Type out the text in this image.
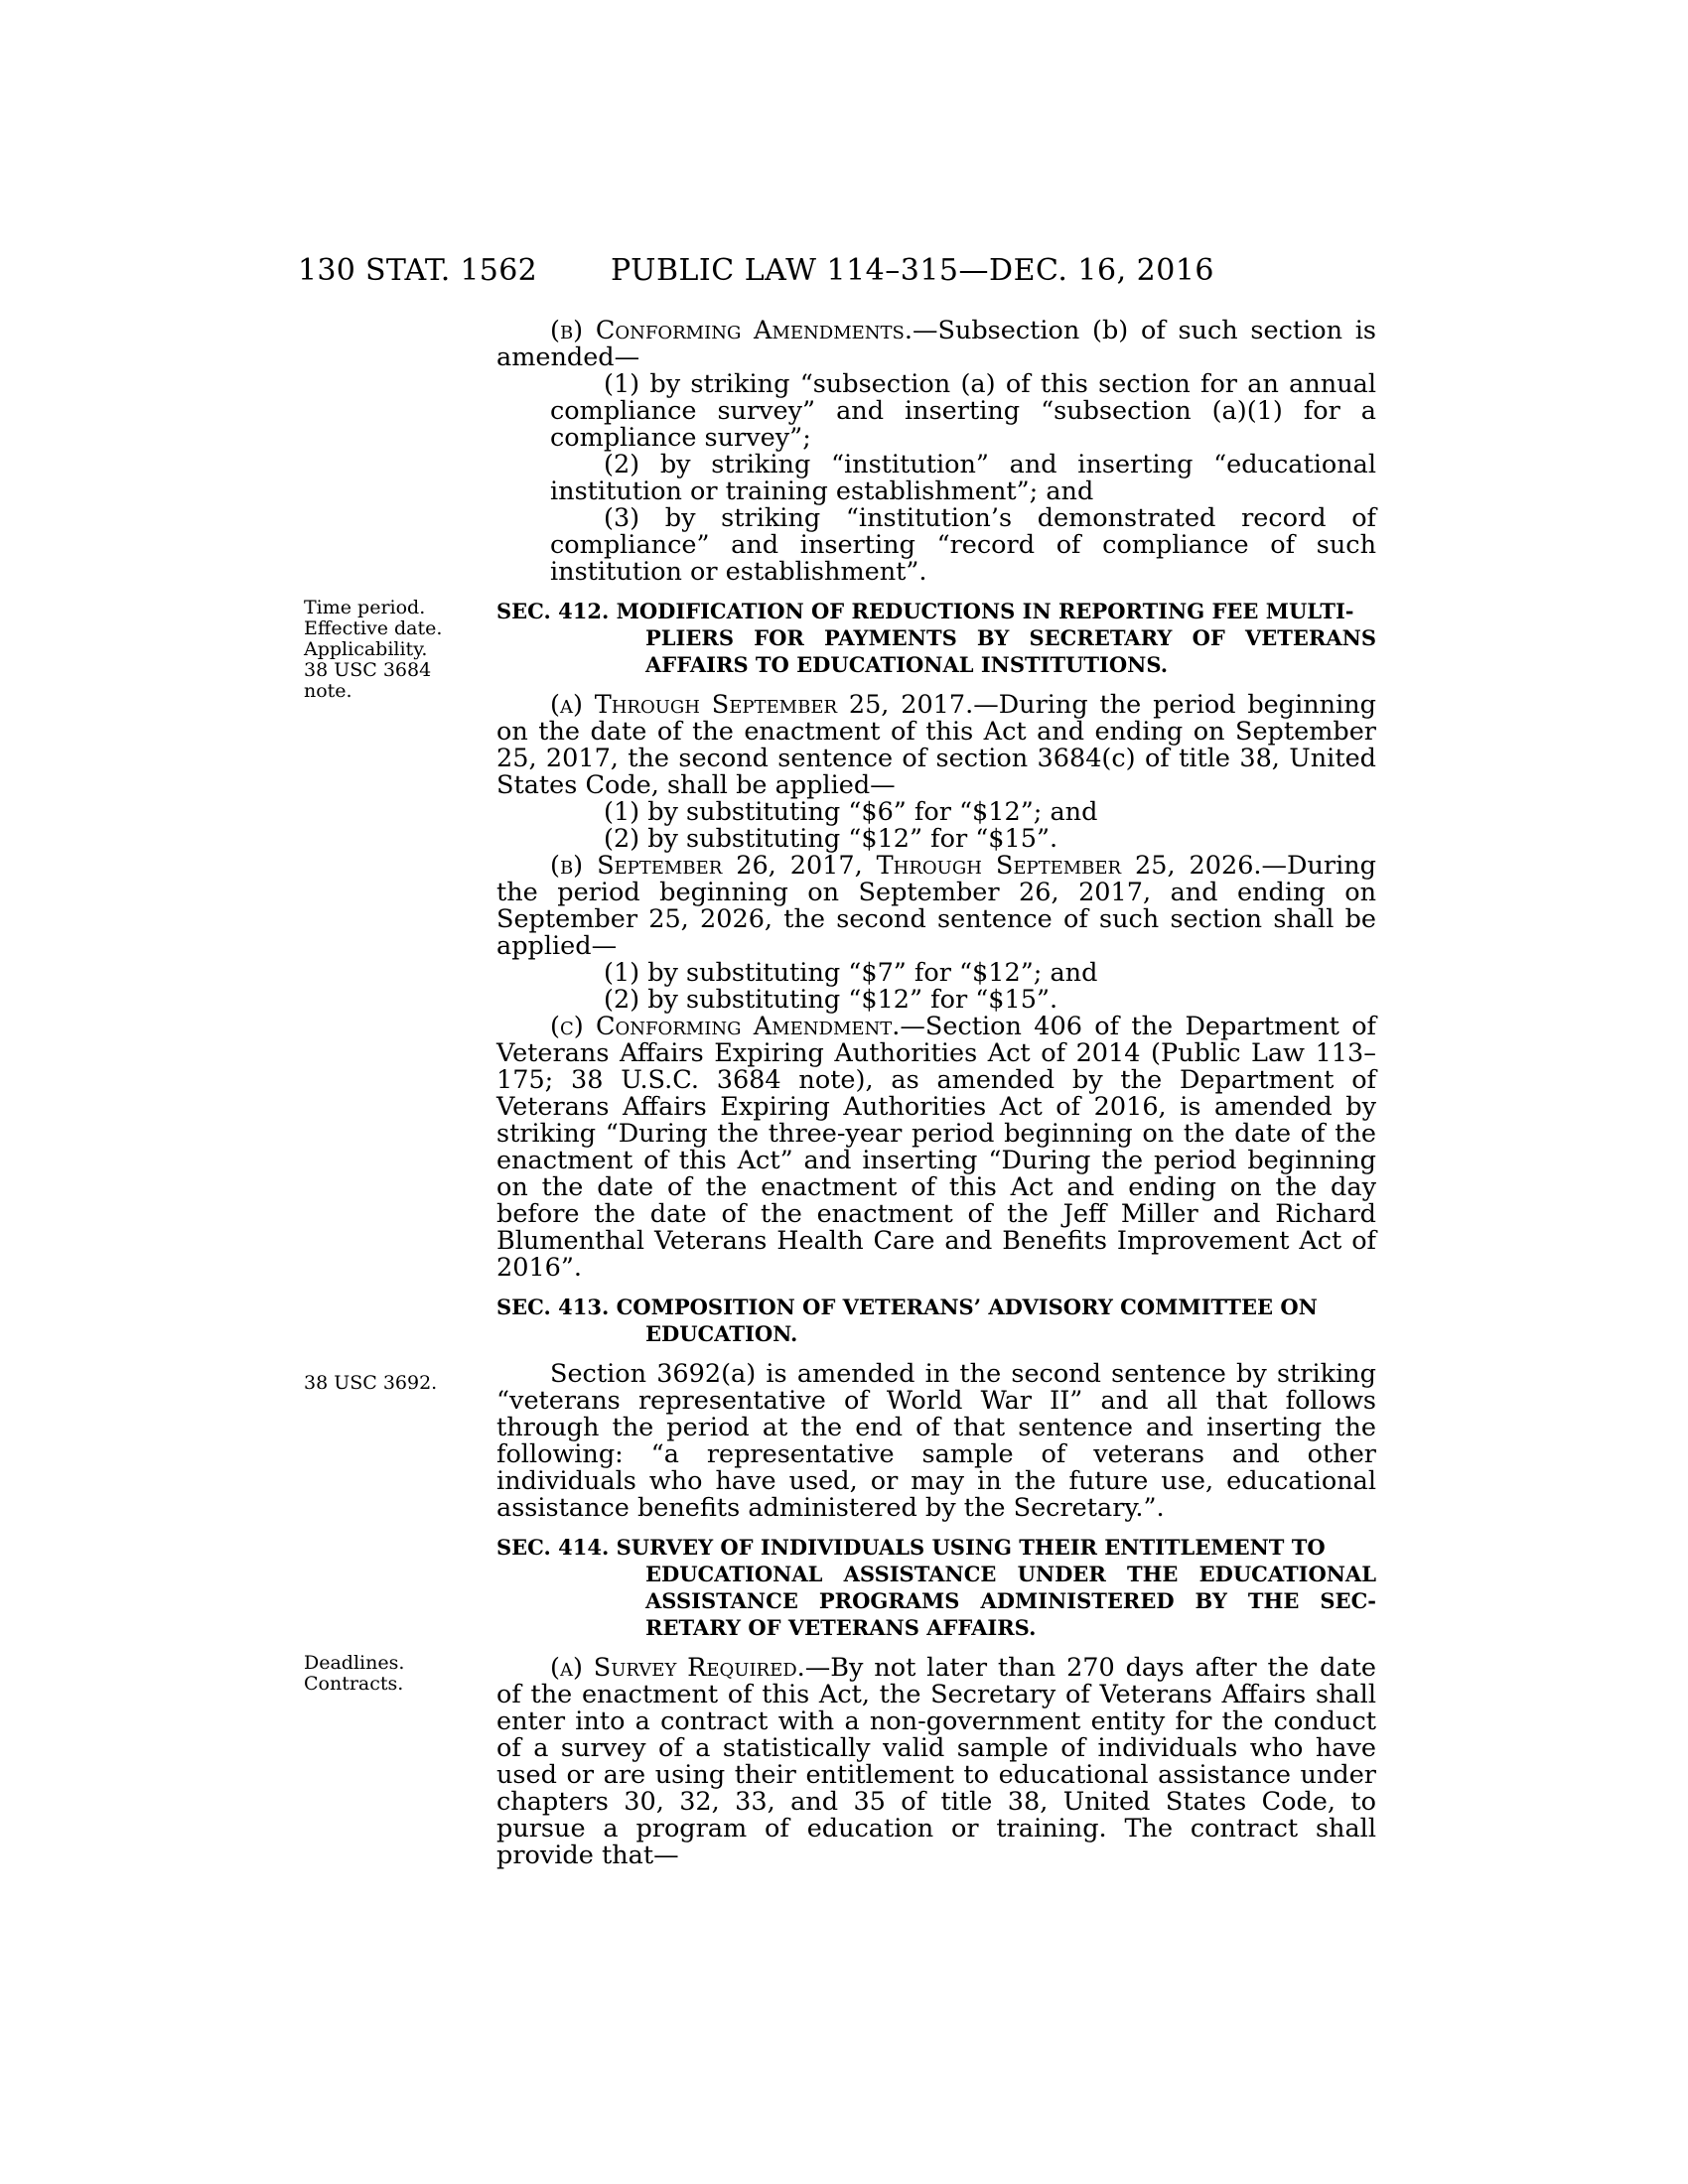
130 STAT. 1562 PUBLIC LAW 114–315—DEC. 16, 2016
Time period.
Effective date.
Applicability.
38 USC 3684
note.
38 USC 3692.
Deadlines.
Contracts.

(b) Conforming Amendments.—Subsection (b) of such section is amended—

(1) by striking “subsection (a) of this section for an annual compliance survey” and inserting “subsection (a)(1) for a compliance survey”;

(2) by striking “institution” and inserting “educational institution or training establishment”; and

(3) by striking “institution’s demonstrated record of compliance” and inserting “record of compliance of such institution or establishment”.

SEC. 412. MODIFICATION OF REDUCTIONS IN REPORTING FEE MULTI-
PLIERS FOR PAYMENTS BY SECRETARY OF VETERANS
AFFAIRS TO EDUCATIONAL INSTITUTIONS.

(a) Through September 25, 2017.—During the period beginning on the date of the enactment of this Act and ending on September 25, 2017, the second sentence of section 3684(c) of title 38, United States Code, shall be applied—

(1) by substituting “$6” for “$12”; and

(2) by substituting “$12” for “$15”.

(b) September 26, 2017, Through September 25, 2026.—During the period beginning on September 26, 2017, and ending on September 25, 2026, the second sentence of such section shall be applied—

(1) by substituting “$7” for “$12”; and

(2) by substituting “$12” for “$15”.

(c) Conforming Amendment.—Section 406 of the Department of Veterans Affairs Expiring Authorities Act of 2014 (Public Law 113–175; 38 U.S.C. 3684 note), as amended by the Department of Veterans Affairs Expiring Authorities Act of 2016, is amended by striking “During the three-year period beginning on the date of the enactment of this Act” and inserting “During the period beginning on the date of the enactment of this Act and ending on the day before the date of the enactment of the Jeff Miller and Richard Blumenthal Veterans Health Care and Benefits Improvement Act of 2016”.

SEC. 413. COMPOSITION OF VETERANS’ ADVISORY COMMITTEE ON
EDUCATION.

Section 3692(a) is amended in the second sentence by striking “veterans representative of World War II” and all that follows through the period at the end of that sentence and inserting the following: “a representative sample of veterans and other individuals who have used, or may in the future use, educational assistance benefits administered by the Secretary.”.

SEC. 414. SURVEY OF INDIVIDUALS USING THEIR ENTITLEMENT TO
EDUCATIONAL ASSISTANCE UNDER THE EDUCATIONAL
ASSISTANCE PROGRAMS ADMINISTERED BY THE SEC-
RETARY OF VETERANS AFFAIRS.

(a) Survey Required.—By not later than 270 days after the date of the enactment of this Act, the Secretary of Veterans Affairs shall enter into a contract with a non-government entity for the conduct of a survey of a statistically valid sample of individuals who have used or are using their entitlement to educational assistance under chapters 30, 32, 33, and 35 of title 38, United States Code, to pursue a program of education or training. The contract shall provide that—
